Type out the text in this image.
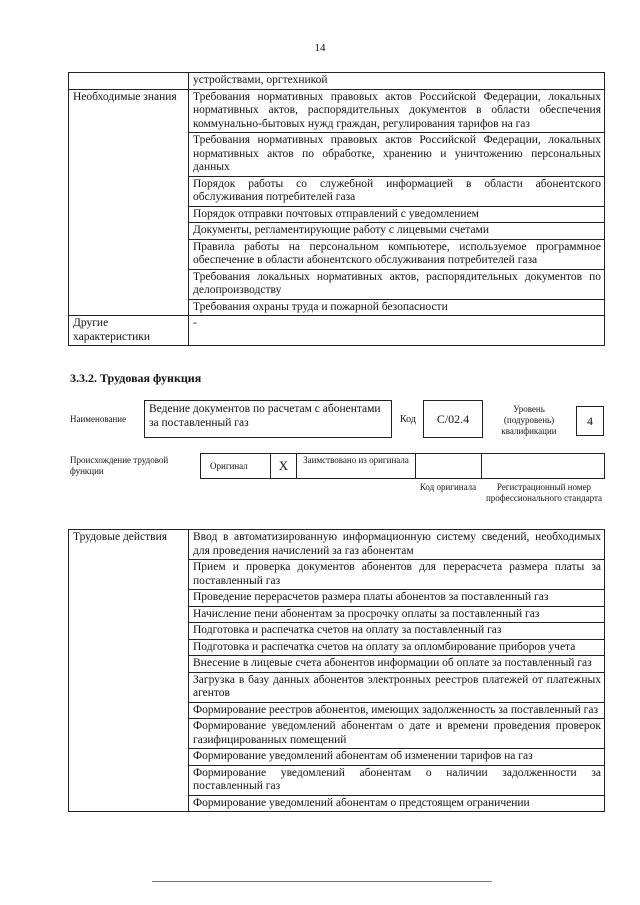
14
	устройствами, оргтехникой
Необходимые знания	Требования нормативных правовых актов Российской Федерации, локальных нормативных актов, распорядительных документов в области обеспечения коммунально-бытовых нужд граждан, регулирования тарифов на газ
	Требования нормативных правовых актов Российской Федерации, локальных нормативных актов по обработке, хранению и уничтожению персональных данных
	Порядок работы со служебной информацией в области абонентского обслуживания потребителей газа
	Порядок отправки почтовых отправлений с уведомлением
	Документы, регламентирующие работу с лицевыми счетами
	Правила работы на персональном компьютере, используемое программное обеспечение в области абонентского обслуживания потребителей газа
	Требования локальных нормативных актов, распорядительных документов по делопроизводству
	Требования охраны труда и пожарной безопасности
Другие характеристики	-
3.3.2. Трудовая функция
Наименование
Ведение документов по расчетам с абонентами за поставленный газ	Код	С/02.4
Уровень (подуровень) квалификации
4
Происхождение трудовой функции	Оригинал	X	Заимствовано из оригинала
Код оригинала	Регистрационный номер профессионального стандарта
Трудовые действия	Ввод в автоматизированную информационную систему сведений, необходимых для проведения начислений за газ абонентам
Прием и проверка документов абонентов для перерасчета размера платы за поставленный газ
Проведение перерасчетов размера платы абонентов за поставленный газ
Начисление пени абонентам за просрочку оплаты за поставленный газ
Подготовка и распечатка счетов на оплату за поставленный газ
Подготовка и распечатка счетов на оплату за опломбирование приборов учета
Внесение в лицевые счета абонентов информации об оплате за поставленный газ
Загрузка в базу данных абонентов электронных реестров платежей от платежных агентов
Формирование реестров абонентов, имеющих задолженность за поставленный газ
Формирование уведомлений абонентам о дате и времени проведения проверок газифицированных помещений
Формирование уведомлений абонентам об изменении тарифов на газ
Формирование уведомлений абонентам о наличии задолженности за поставленный газ
Формирование уведомлений абонентам о предстоящем ограничении
